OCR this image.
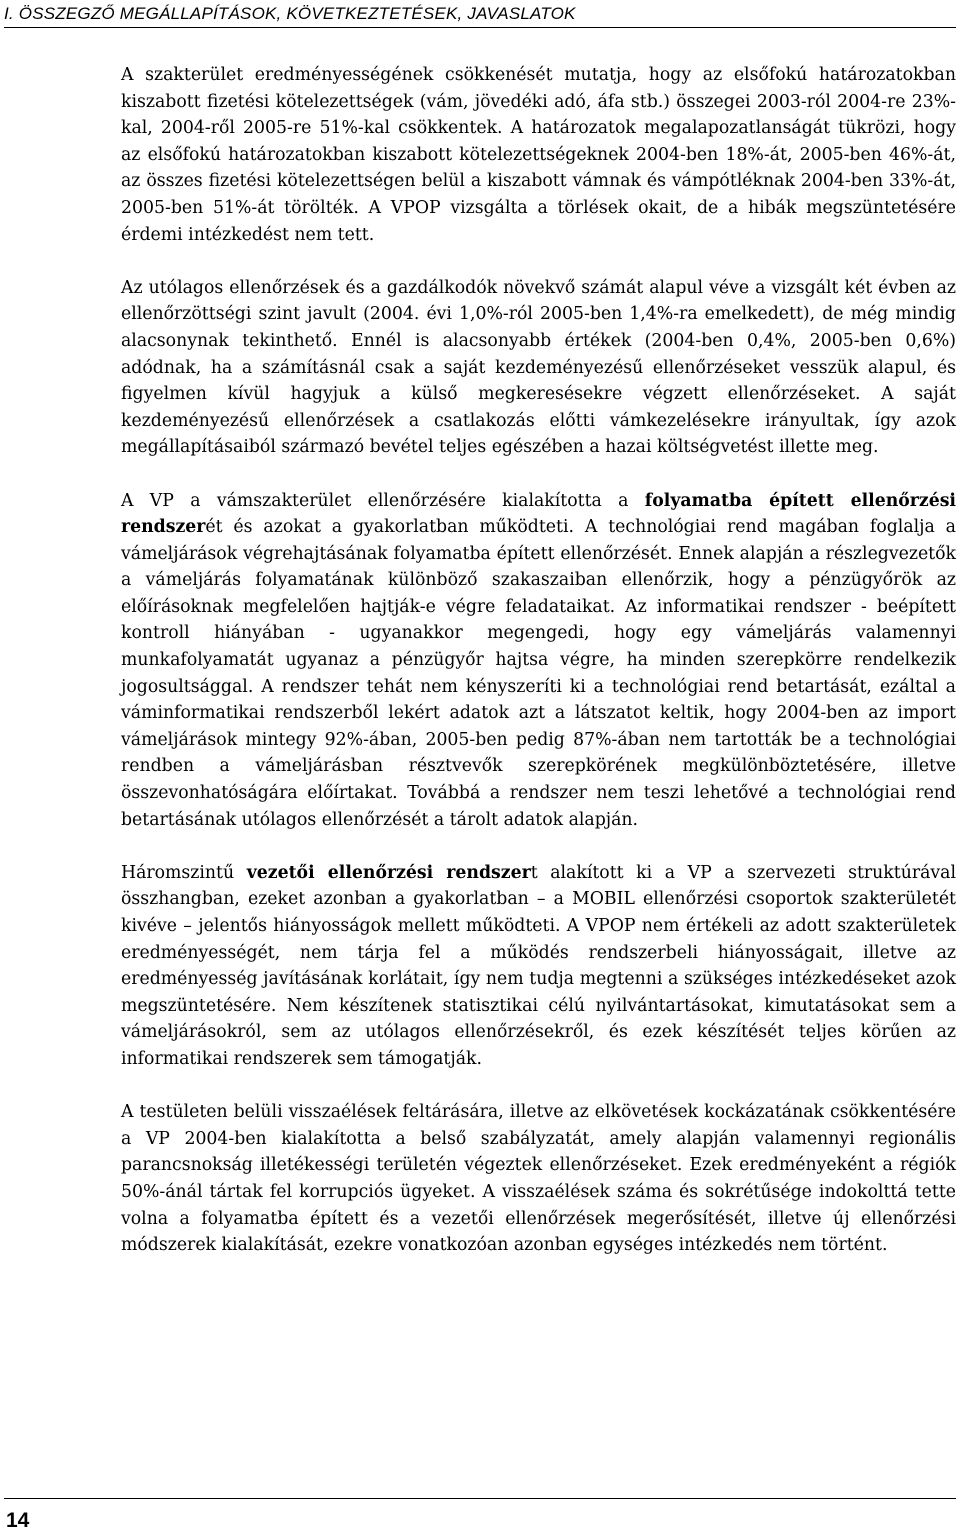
I. ÖSSZEGZŐ MEGÁLLAPÍTÁSOK, KÖVETKEZTETÉSEK, JAVASLATOK

A szakterület eredményességének csökkenését mutatja, hogy az elsőfokú határozatokban kiszabott fizetési kötelezettségek (vám, jövedéki adó, áfa stb.) összegei 2003-ról 2004-re 23%-kal, 2004-ről 2005-re 51%-kal csökkentek. A határozatok megalapozatlanságát tükrözi, hogy az elsőfokú határozatokban kiszabott kötelezettségeknek 2004-ben 18%-át, 2005-ben 46%-át, az összes fizetési kötelezettségen belül a kiszabott vámnak és vámpótléknak 2004-ben 33%-át, 2005-ben 51%-át törölték. A VPOP vizsgálta a törlések okait, de a hibák megszüntetésére érdemi intézkedést nem tett.

Az utólagos ellenőrzések és a gazdálkodók növekvő számát alapul véve a vizsgált két évben az ellenőrzöttségi szint javult (2004. évi 1,0%-ról 2005-ben 1,4%-ra emelkedett), de még mindig alacsonynak tekinthető. Ennél is alacsonyabb értékek (2004-ben 0,4%, 2005-ben 0,6%) adódnak, ha a számításnál csak a saját kezdeményezésű ellenőrzéseket vesszük alapul, és figyelmen kívül hagyjuk a külső megkeresésekre végzett ellenőrzéseket. A saját kezdeményezésű ellenőrzések a csatlakozás előtti vámkezelésekre irányultak, így azok megállapításaiból származó bevétel teljes egészében a hazai költségvetést illette meg.

A VP a vámszakterület ellenőrzésére kialakította a folyamatba épített ellenőrzési rendszerét és azokat a gyakorlatban működteti. A technológiai rend magában foglalja a vámeljárások végrehajtásának folyamatba épített ellenőrzését. Ennek alapján a részlegvezetők a vámeljárás folyamatának különböző szakaszaiban ellenőrzik, hogy a pénzügyőrök az előírásoknak megfelelően hajtják-e végre feladataikat. Az informatikai rendszer - beépített kontroll hiányában - ugyanakkor megengedi, hogy egy vámeljárás valamennyi munkafolyamatát ugyanaz a pénzügyőr hajtsa végre, ha minden szerepkörre rendelkezik jogosultsággal. A rendszer tehát nem kényszeríti ki a technológiai rend betartását, ezáltal a váminformatikai rendszerből lekért adatok azt a látszatot keltik, hogy 2004-ben az import vámeljárások mintegy 92%-ában, 2005-ben pedig 87%-ában nem tartották be a technológiai rendben a vámeljárásban résztvevők szerepkörének megkülönböztetésére, illetve összevonhatóságára előírtakat. Továbbá a rendszer nem teszi lehetővé a technológiai rend betartásának utólagos ellenőrzését a tárolt adatok alapján.

Háromszintű vezetői ellenőrzési rendszert alakított ki a VP a szervezeti struktúrával összhangban, ezeket azonban a gyakorlatban – a MOBIL ellenőrzési csoportok szakterületét kivéve – jelentős hiányosságok mellett működteti. A VPOP nem értékeli az adott szakterületek eredményességét, nem tárja fel a működés rendszerbeli hiányosságait, illetve az eredményesség javításának korlátait, így nem tudja megtenni a szükséges intézkedéseket azok megszüntetésére. Nem készítenek statisztikai célú nyilvántartásokat, kimutatásokat sem a vámeljárásokról, sem az utólagos ellenőrzésekről, és ezek készítését teljes körűen az informatikai rendszerek sem támogatják.

A testületen belüli visszaélések feltárására, illetve az elkövetések kockázatának csökkentésére a VP 2004-ben kialakította a belső szabályzatát, amely alapján valamennyi regionális parancsnokság illetékességi területén végeztek ellenőrzéseket. Ezek eredményeként a régiók 50%-ánál tártak fel korrupciós ügyeket. A visszaélések száma és sokrétűsége indokolttá tette volna a folyamatba épített és a vezetői ellenőrzések megerősítését, illetve új ellenőrzési módszerek kialakítását, ezekre vonatkozóan azonban egységes intézkedés nem történt.

14
